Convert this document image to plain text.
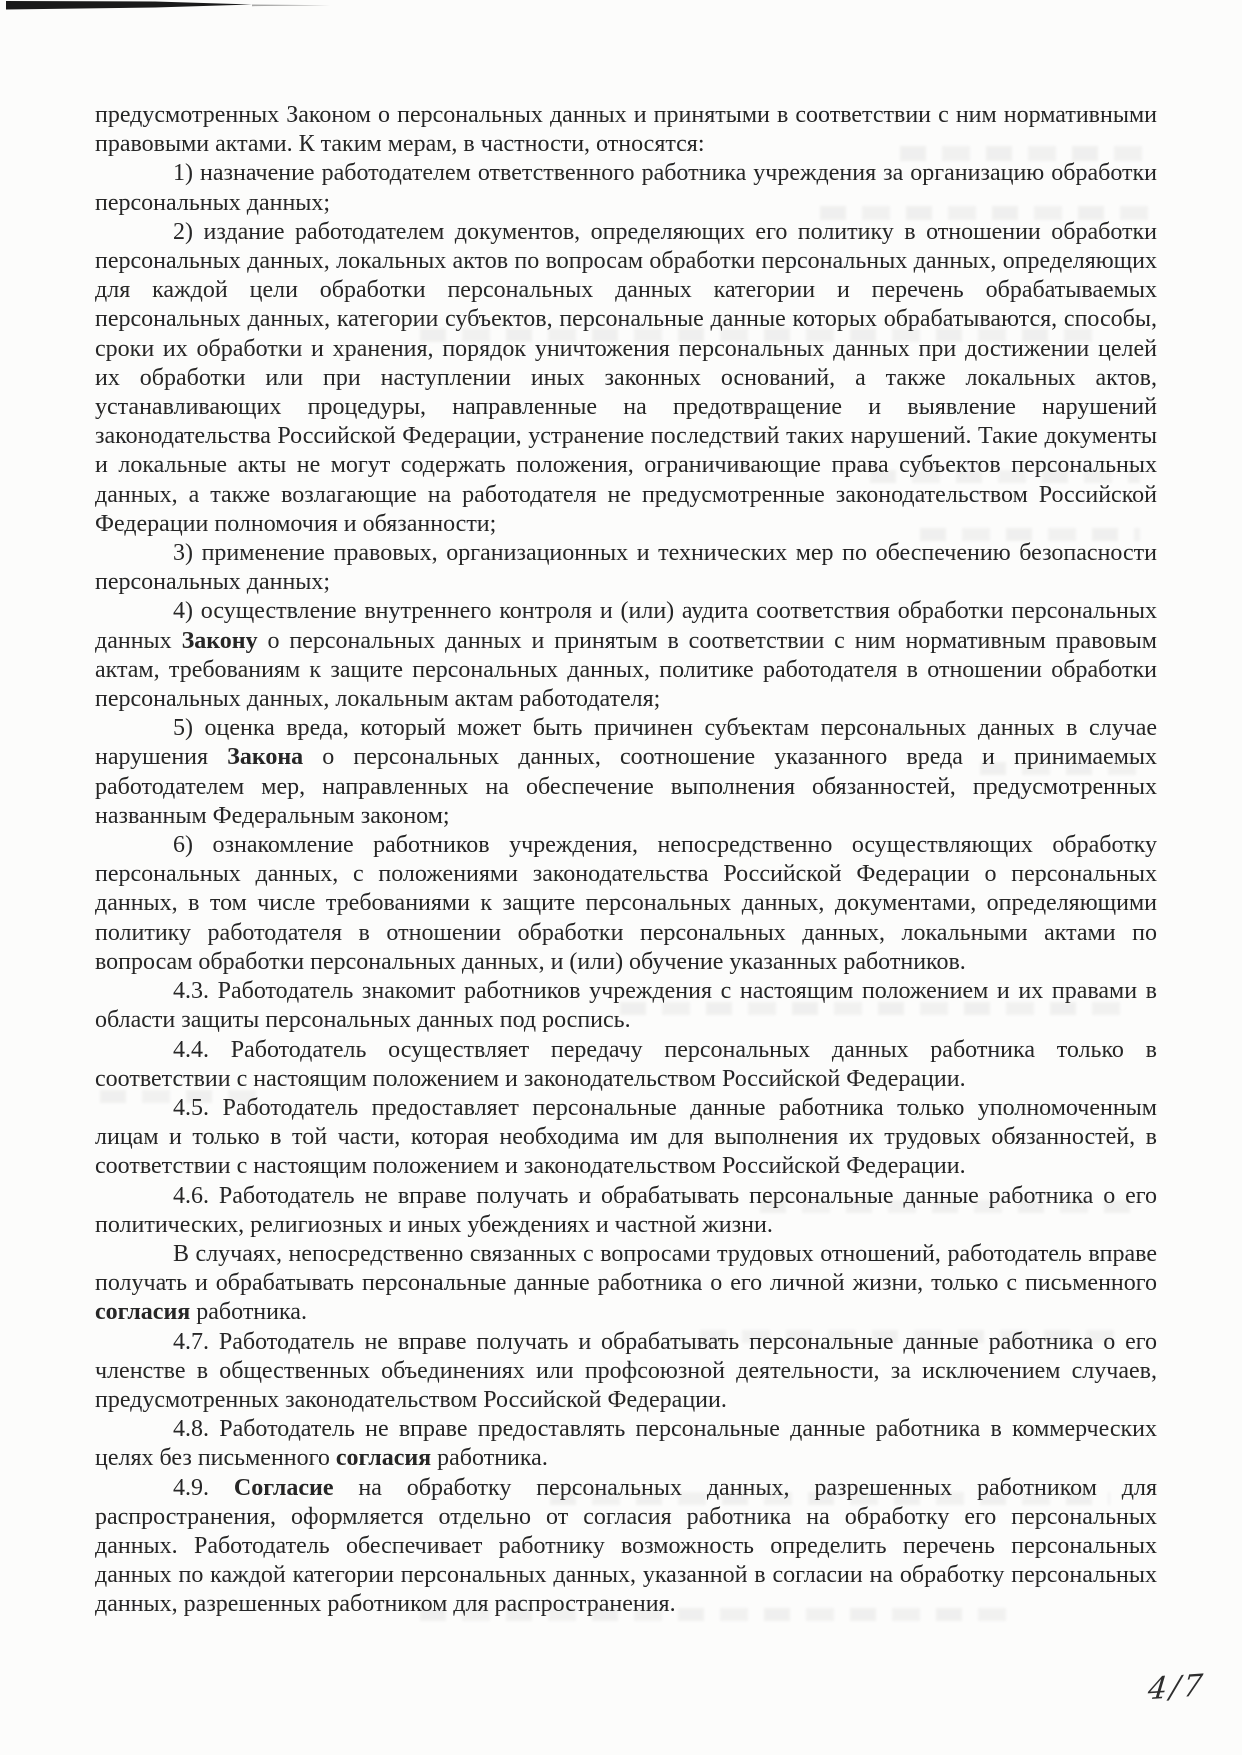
предусмотренных Законом о персональных данных и принятыми в соответствии с ним нормативными правовыми актами. К таким мерам, в частности, относятся:

1) назначение работодателем ответственного работника учреждения за организацию обработки персональных данных;

2) издание работодателем документов, определяющих его политику в отношении обработки персональных данных, локальных актов по вопросам обработки персональных данных, определяющих для каждой цели обработки персональных данных категории и перечень обрабатываемых персональных данных, категории субъектов, персональные данные которых обрабатываются, способы, сроки их обработки и хранения, порядок уничтожения персональных данных при достижении целей их обработки или при наступлении иных законных оснований, а также локальных актов, устанавливающих процедуры, направленные на предотвращение и выявление нарушений законодательства Российской Федерации, устранение последствий таких нарушений. Такие документы и локальные акты не могут содержать положения, ограничивающие права субъектов персональных данных, а также возлагающие на работодателя не предусмотренные законодательством Российской Федерации полномочия и обязанности;

3) применение правовых, организационных и технических мер по обеспечению безопасности персональных данных;

4) осуществление внутреннего контроля и (или) аудита соответствия обработки персональных данных Закону о персональных данных и принятым в соответствии с ним нормативным правовым актам, требованиям к защите персональных данных, политике работодателя в отношении обработки персональных данных, локальным актам работодателя;

5) оценка вреда, который может быть причинен субъектам персональных данных в случае нарушения Закона о персональных данных, соотношение указанного вреда и принимаемых работодателем мер, направленных на обеспечение выполнения обязанностей, предусмотренных названным Федеральным законом;

6) ознакомление работников учреждения, непосредственно осуществляющих обработку персональных данных, с положениями законодательства Российской Федерации о персональных данных, в том числе требованиями к защите персональных данных, документами, определяющими политику работодателя в отношении обработки персональных данных, локальными актами по вопросам обработки персональных данных, и (или) обучение указанных работников.

4.3. Работодатель знакомит работников учреждения с настоящим положением и их правами в области защиты персональных данных под роспись.

4.4. Работодатель осуществляет передачу персональных данных работника только в соответствии с настоящим положением и законодательством Российской Федерации.

4.5. Работодатель предоставляет персональные данные работника только уполномоченным лицам и только в той части, которая необходима им для выполнения их трудовых обязанностей, в соответствии с настоящим положением и законодательством Российской Федерации.

4.6. Работодатель не вправе получать и обрабатывать персональные данные работника о его политических, религиозных и иных убеждениях и частной жизни.

В случаях, непосредственно связанных с вопросами трудовых отношений, работодатель вправе получать и обрабатывать персональные данные работника о его личной жизни, только с письменного согласия работника.

4.7. Работодатель не вправе получать и обрабатывать персональные данные работника о его членстве в общественных объединениях или профсоюзной деятельности, за исключением случаев, предусмотренных законодательством Российской Федерации.

4.8. Работодатель не вправе предоставлять персональные данные работника в коммерческих целях без письменного согласия работника.

4.9. Согласие на обработку персональных данных, разрешенных работником для распространения, оформляется отдельно от согласия работника на обработку его персональных данных. Работодатель обеспечивает работнику возможность определить перечень персональных данных по каждой категории персональных данных, указанной в согласии на обработку персональных данных, разрешенных работником для распространения.

4/7
